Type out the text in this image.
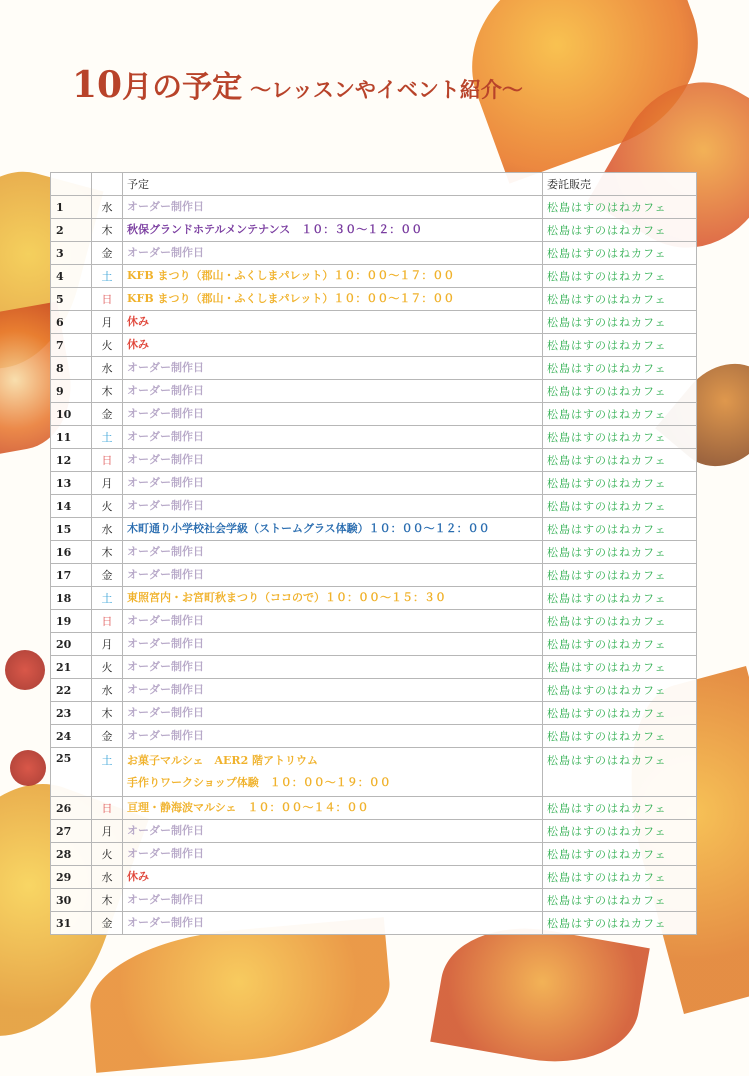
10月の予定 〜レッスンやイベント紹介〜
		予定	委託販売
1	水	オーダー制作日	松島はすのはねカフェ
2	木	秋保グランドホテルメンテナンス　１０：３０〜１２：００	松島はすのはねカフェ
3	金	オーダー制作日	松島はすのはねカフェ
4	土	KFB まつり（郡山・ふくしまパレット）１０：００〜１７：００	松島はすのはねカフェ
5	日	KFB まつり（郡山・ふくしまパレット）１０：００〜１７：００	松島はすのはねカフェ
6	月	休み	松島はすのはねカフェ
7	火	休み	松島はすのはねカフェ
8	水	オーダー制作日	松島はすのはねカフェ
9	木	オーダー制作日	松島はすのはねカフェ
10	金	オーダー制作日	松島はすのはねカフェ
11	土	オーダー制作日	松島はすのはねカフェ
12	日	オーダー制作日	松島はすのはねカフェ
13	月	オーダー制作日	松島はすのはねカフェ
14	火	オーダー制作日	松島はすのはねカフェ
15	水	木町通り小学校社会学級（ストームグラス体験）１０：００〜１２：００	松島はすのはねカフェ
16	木	オーダー制作日	松島はすのはねカフェ
17	金	オーダー制作日	松島はすのはねカフェ
18	土	東照宮内・お宮町秋まつり（ココので）１０：００〜１５：３０	松島はすのはねカフェ
19	日	オーダー制作日	松島はすのはねカフェ
20	月	オーダー制作日	松島はすのはねカフェ
21	火	オーダー制作日	松島はすのはねカフェ
22	水	オーダー制作日	松島はすのはねカフェ
23	木	オーダー制作日	松島はすのはねカフェ
24	金	オーダー制作日	松島はすのはねカフェ
25	土	お菓子マルシェ　AER2 階アトリウム
手作りワークショップ体験　１０：００〜１９：００	松島はすのはねカフェ
26	日	亘理・静海波マルシェ　１０：００〜１４：００	松島はすのはねカフェ
27	月	オーダー制作日	松島はすのはねカフェ
28	火	オーダー制作日	松島はすのはねカフェ
29	水	休み	松島はすのはねカフェ
30	木	オーダー制作日	松島はすのはねカフェ
31	金	オーダー制作日	松島はすのはねカフェ
